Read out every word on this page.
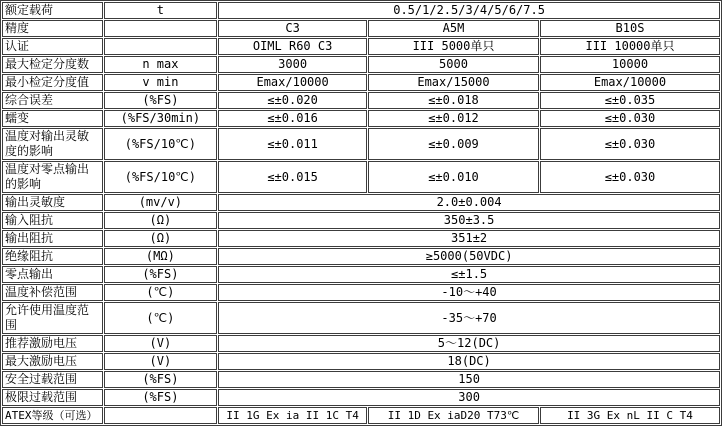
额定载荷	t	0.5/1/2.5/3/4/5/6/7.5		
精度		C3	A5M	B10S
认证		OIML R60 C3	III 5000单只	III 10000单只
最大检定分度数	n max	3000	5000	10000
最小检定分度值	v min	Emax/10000	Emax/15000	Emax/10000
综合误差	(%FS)	≤±0.020	≤±0.018	≤±0.035
蠕变	(%FS/30min)	≤±0.016	≤±0.012	≤±0.030
温度对输出灵敏度的影响	(%FS/10℃)	≤±0.011	≤±0.009	≤±0.030
温度对零点输出的影响	(%FS/10℃)	≤±0.015	≤±0.010	≤±0.030
输出灵敏度	(mv/v)	2.0±0.004		
输入阻抗	(Ω)	350±3.5		
输出阻抗	(Ω)	351±2		
绝缘阻抗	(MΩ)	≥5000(50VDC)		
零点输出	(%FS)	≤±1.5		
温度补偿范围	(℃)	-10～+40		
允许使用温度范围	(℃)	-35～+70		
推荐激励电压	(V)	5～12(DC)		
最大激励电压	(V)	18(DC)		
安全过载范围	(%FS)	150		
极限过载范围	(%FS)	300		
ATEX等级（可选）		II 1G Ex ia II 1C T4	II 1D Ex iaD20 T73℃	II 3G Ex nL II C T4
